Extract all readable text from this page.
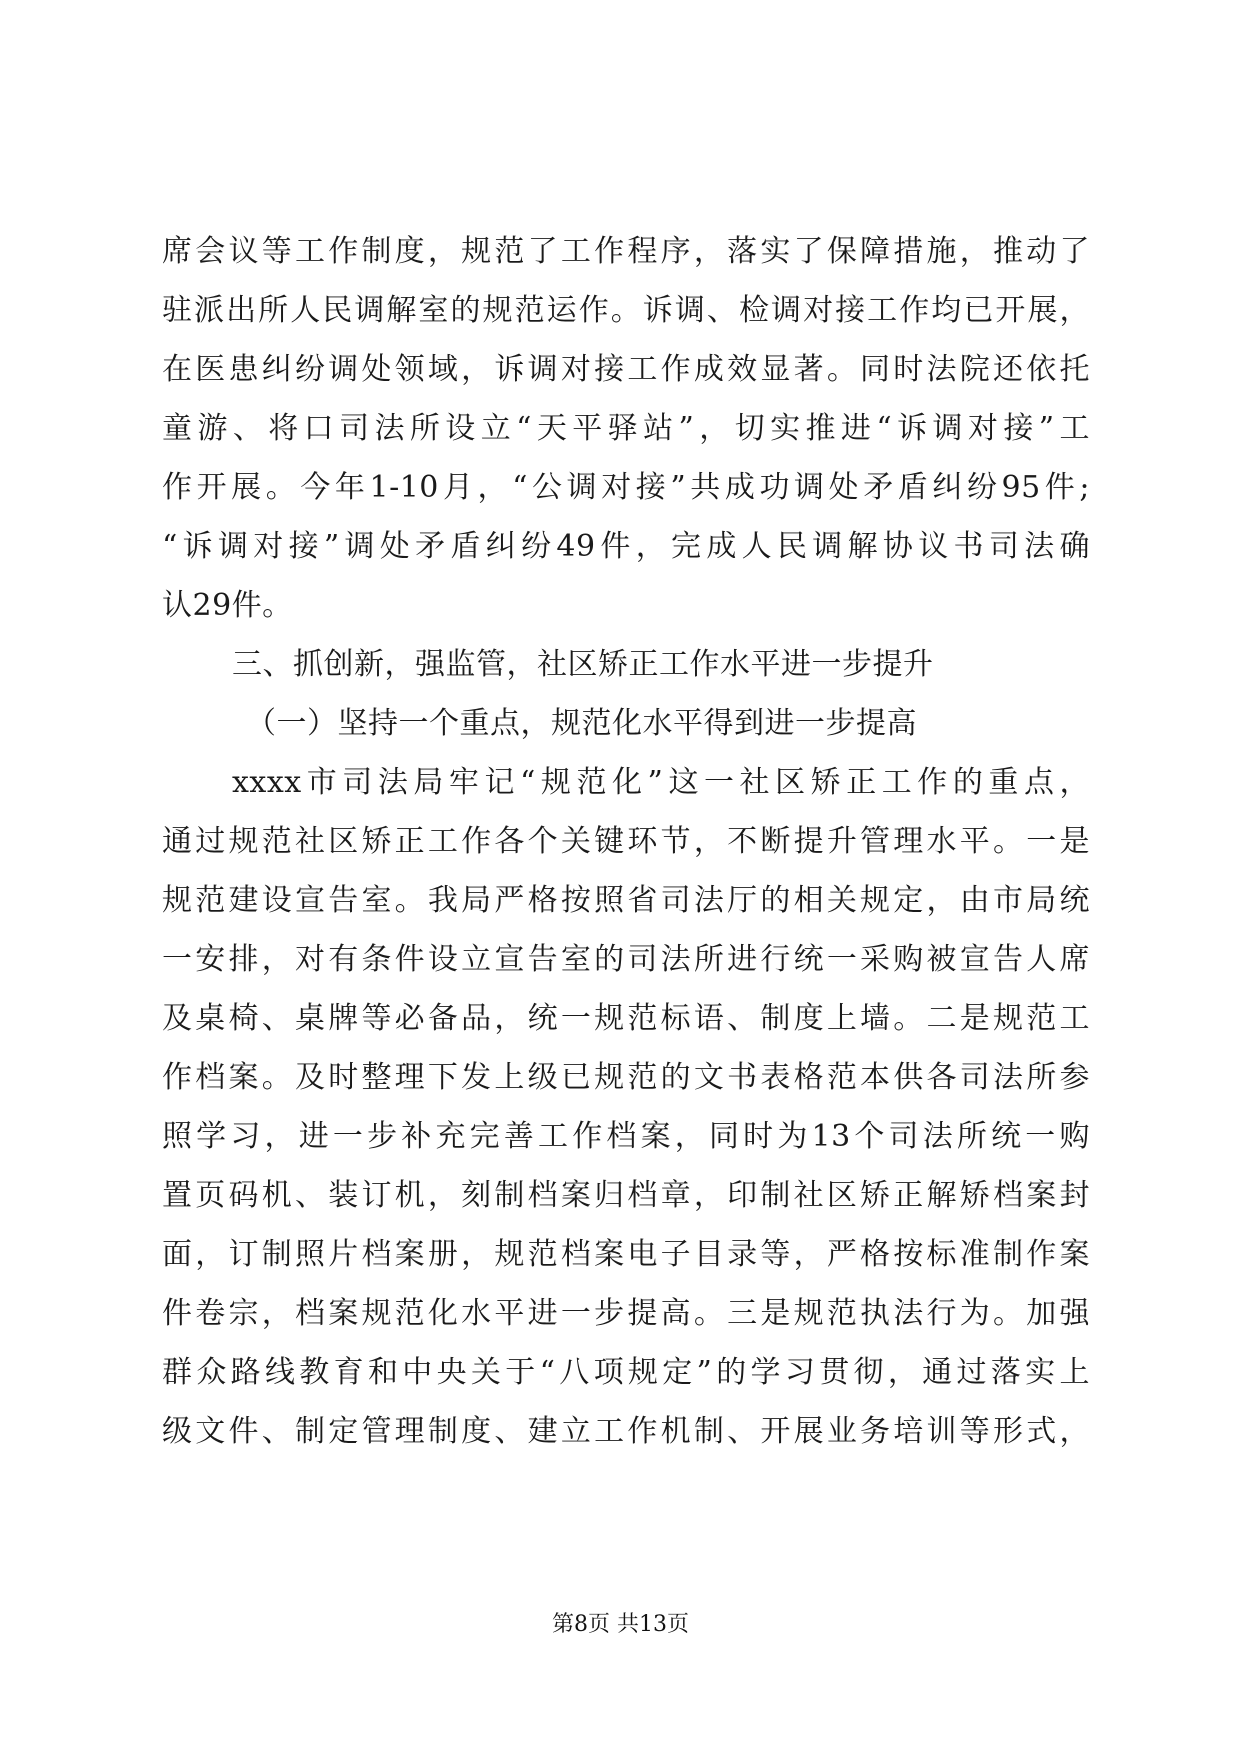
席会议等工作制度，规范了工作程序，落实了保障措施，推动了
驻派出所人民调解室的规范运作。诉调、检调对接工作均已开展，
在医患纠纷调处领域，诉调对接工作成效显著。同时法院还依托
童游、将口司法所设立“天平驿站”，切实推进“诉调对接”工
作开展。今年1-10月，“公调对接”共成功调处矛盾纠纷95件;
“诉调对接”调处矛盾纠纷49件，完成人民调解协议书司法确
认29件。
三、抓创新，强监管，社区矫正工作水平进一步提升
（一）坚持一个重点，规范化水平得到进一步提高
xxxx市司法局牢记“规范化”这一社区矫正工作的重点，
通过规范社区矫正工作各个关键环节，不断提升管理水平。一是
规范建设宣告室。我局严格按照省司法厅的相关规定，由市局统
一安排，对有条件设立宣告室的司法所进行统一采购被宣告人席
及桌椅、桌牌等必备品，统一规范标语、制度上墙。二是规范工
作档案。及时整理下发上级已规范的文书表格范本供各司法所参
照学习，进一步补充完善工作档案，同时为13个司法所统一购
置页码机、装订机，刻制档案归档章，印制社区矫正解矫档案封
面，订制照片档案册，规范档案电子目录等，严格按标准制作案
件卷宗，档案规范化水平进一步提高。三是规范执法行为。加强
群众路线教育和中央关于“八项规定”的学习贯彻，通过落实上
级文件、制定管理制度、建立工作机制、开展业务培训等形式，
第8页 共13页
